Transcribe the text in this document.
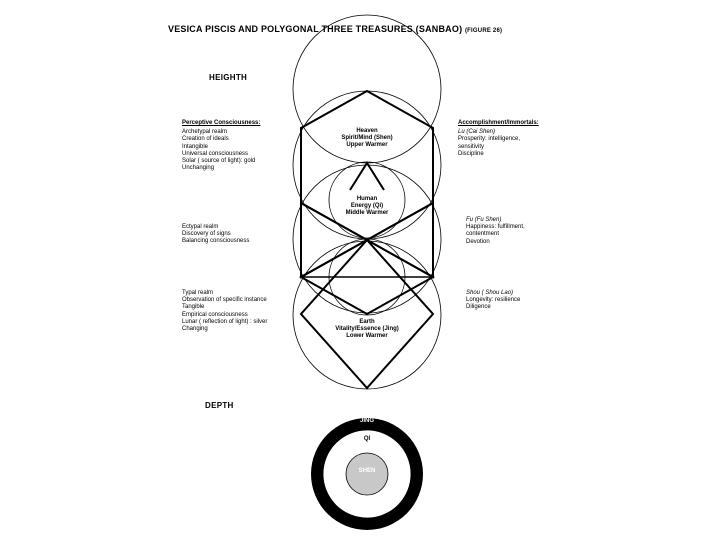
VESICA PISCIS AND POLYGONAL THREE TREASURES (SANBAO) (FIGURE 26)
HEIGHTH
DEPTH
Perceptive Consciousness:
Archetypal realm
Creation of ideals
Intangible
Universal consciousness
Solar ( source of light): gold
Unchanging
Ectypal realm
Discovery of signs
Balancing consciousness
Typal realm
Observation of specific instance
Tangible
Empirical consciousness
Lunar ( reflection of light) : silver
Changing
Accomplishment/Immortals:
Lu (Cai Shen)
Prosperity: intelligence,
sensitivity
Discipline
Fu (Fu Shen)
Happiness: fulfillment,
contentment
Devotion
Shou ( Shou Lao)
Longevity: resilience
Diligence
Heaven
Spirit/Mind (Shen)
Upper Warmer
Human
Energy (Qi)
Middle Warmer
Earth
Vitality/Essence (Jing)
Lower Warmer
JING
QI
SHEN
